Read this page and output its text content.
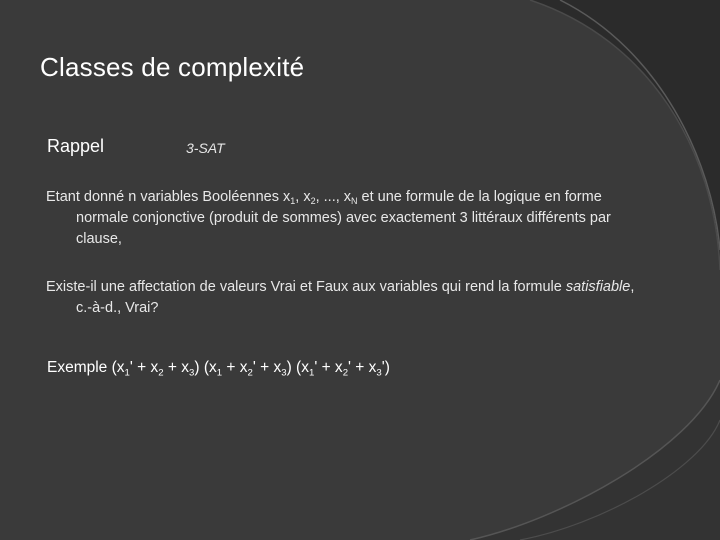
Classes de complexité
Rappel	3-SAT
Etant donné n variables Booléennes $x_1$, $x_2$, ..., $x_N$ et une formule de la logique en forme normale conjonctive (produit de sommes) avec exactement 3 littéraux différents par clause,
Existe-il une affectation de valeurs Vrai et Faux aux variables qui rend la formule satisfiable, c.-à-d., Vrai?
Exemple $(x_1' + x_2 + x_3) (x_1 + x_2' + x_3) (x_1' + x_2' + x_3')$
